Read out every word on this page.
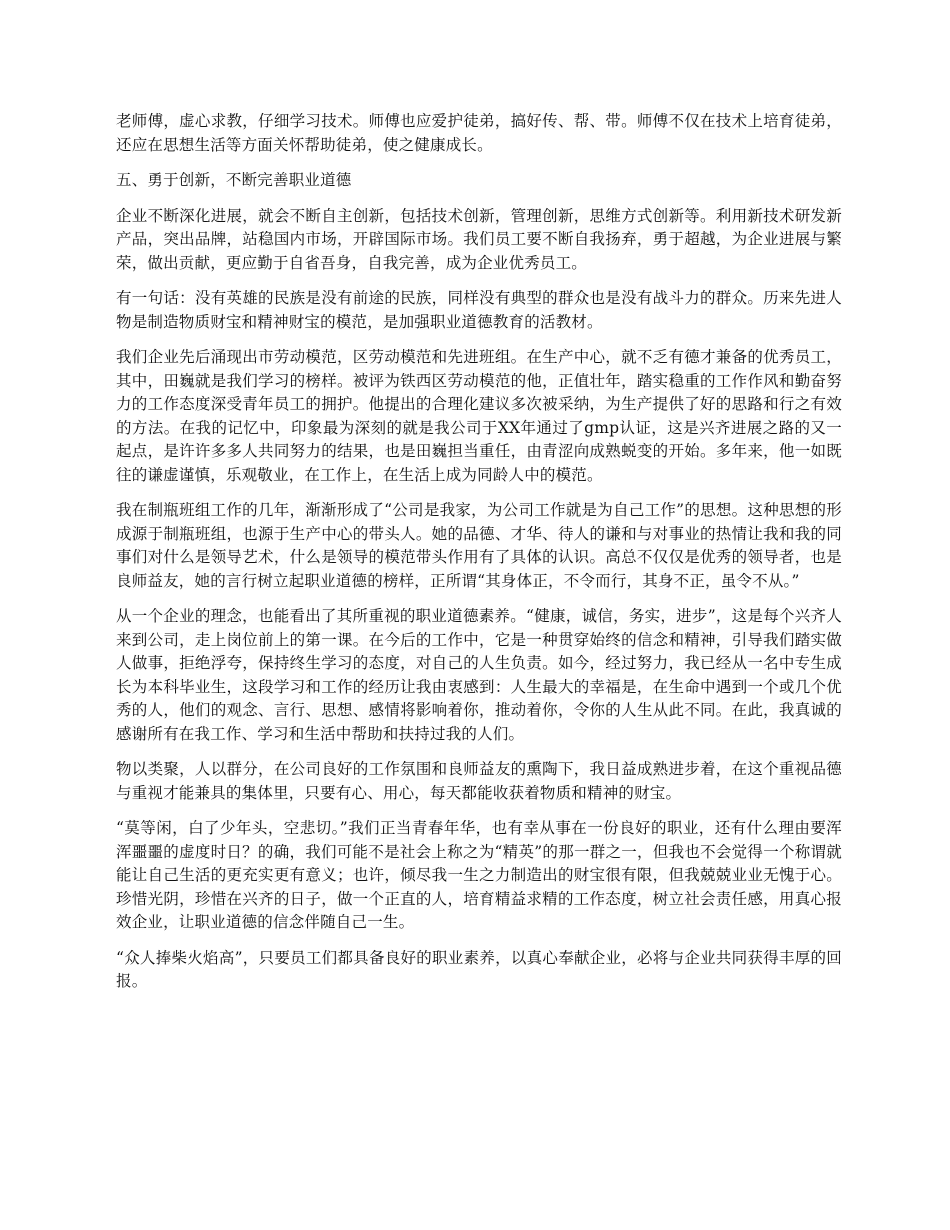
老师傅，虚心求教，仔细学习技术。师傅也应爱护徒弟，搞好传、帮、带。师傅不仅在技术上培育徒弟，还应在思想生活等方面关怀帮助徒弟，使之健康成长。

五、勇于创新，不断完善职业道德

企业不断深化进展，就会不断自主创新，包括技术创新，管理创新，思维方式创新等。利用新技术研发新产品，突出品牌，站稳国内市场，开辟国际市场。我们员工要不断自我扬弃，勇于超越，为企业进展与繁荣，做出贡献，更应勤于自省吾身，自我完善，成为企业优秀员工。

有一句话：没有英雄的民族是没有前途的民族，同样没有典型的群众也是没有战斗力的群众。历来先进人物是制造物质财宝和精神财宝的模范，是加强职业道德教育的活教材。

我们企业先后涌现出市劳动模范，区劳动模范和先进班组。在生产中心，就不乏有德才兼备的优秀员工，其中，田巍就是我们学习的榜样。被评为铁西区劳动模范的他，正值壮年，踏实稳重的工作作风和勤奋努力的工作态度深受青年员工的拥护。他提出的合理化建议多次被采纳，为生产提供了好的思路和行之有效的方法。在我的记忆中，印象最为深刻的就是我公司于XX年通过了gmp认证，这是兴齐进展之路的又一起点，是许许多多人共同努力的结果，也是田巍担当重任，由青涩向成熟蜕变的开始。多年来，他一如既往的谦虚谨慎，乐观敬业，在工作上，在生活上成为同龄人中的模范。

我在制瓶班组工作的几年，渐渐形成了“公司是我家，为公司工作就是为自己工作”的思想。这种思想的形成源于制瓶班组，也源于生产中心的带头人。她的品德、才华、待人的谦和与对事业的热情让我和我的同事们对什么是领导艺术，什么是领导的模范带头作用有了具体的认识。高总不仅仅是优秀的领导者，也是良师益友，她的言行树立起职业道德的榜样，正所谓“其身体正，不令而行，其身不正，虽令不从。”

从一个企业的理念，也能看出了其所重视的职业道德素养。“健康，诚信，务实，进步”，这是每个兴齐人来到公司，走上岗位前上的第一课。在今后的工作中，它是一种贯穿始终的信念和精神，引导我们踏实做人做事，拒绝浮夸，保持终生学习的态度，对自己的人生负责。如今，经过努力，我已经从一名中专生成长为本科毕业生，这段学习和工作的经历让我由衷感到：人生最大的幸福是，在生命中遇到一个或几个优秀的人，他们的观念、言行、思想、感情将影响着你，推动着你，令你的人生从此不同。在此，我真诚的感谢所有在我工作、学习和生活中帮助和扶持过我的人们。

物以类聚，人以群分，在公司良好的工作氛围和良师益友的熏陶下，我日益成熟进步着，在这个重视品德与重视才能兼具的集体里，只要有心、用心，每天都能收获着物质和精神的财宝。

“莫等闲，白了少年头，空悲切。”我们正当青春年华，也有幸从事在一份良好的职业，还有什么理由要浑浑噩噩的虚度时日？的确，我们可能不是社会上称之为“精英”的那一群之一，但我也不会觉得一个称谓就能让自己生活的更充实更有意义；也许，倾尽我一生之力制造出的财宝很有限，但我兢兢业业无愧于心。珍惜光阴，珍惜在兴齐的日子，做一个正直的人，培育精益求精的工作态度，树立社会责任感，用真心报效企业，让职业道德的信念伴随自己一生。

“众人捧柴火焰高”，只要员工们都具备良好的职业素养，以真心奉献企业，必将与企业共同获得丰厚的回报。
